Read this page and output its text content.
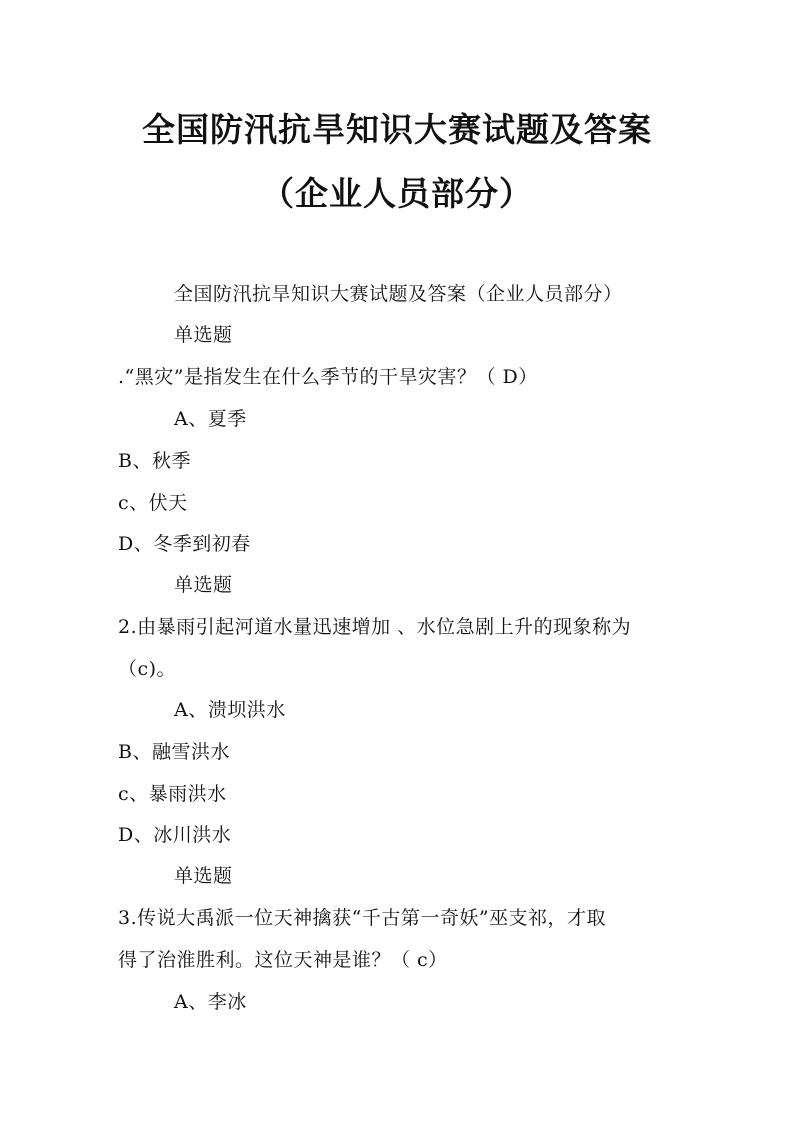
全国防汛抗旱知识大赛试题及答案
（企业人员部分）
全国防汛抗旱知识大赛试题及答案（企业人员部分）
单选题
.“黑灾”是指发生在什么季节的干旱灾害？（ D）
A、夏季
B、秋季
c、伏天
D、冬季到初春
单选题
2.由暴雨引起河道水量迅速增加 、水位急剧上升的现象称为
（c)。
A、溃坝洪水
B、融雪洪水
c、暴雨洪水
D、冰川洪水
单选题
3.传说大禹派一位天神擒获“千古第一奇妖”巫支祁，才取
得了治淮胜利。这位天神是谁？（ c）
A、李冰
